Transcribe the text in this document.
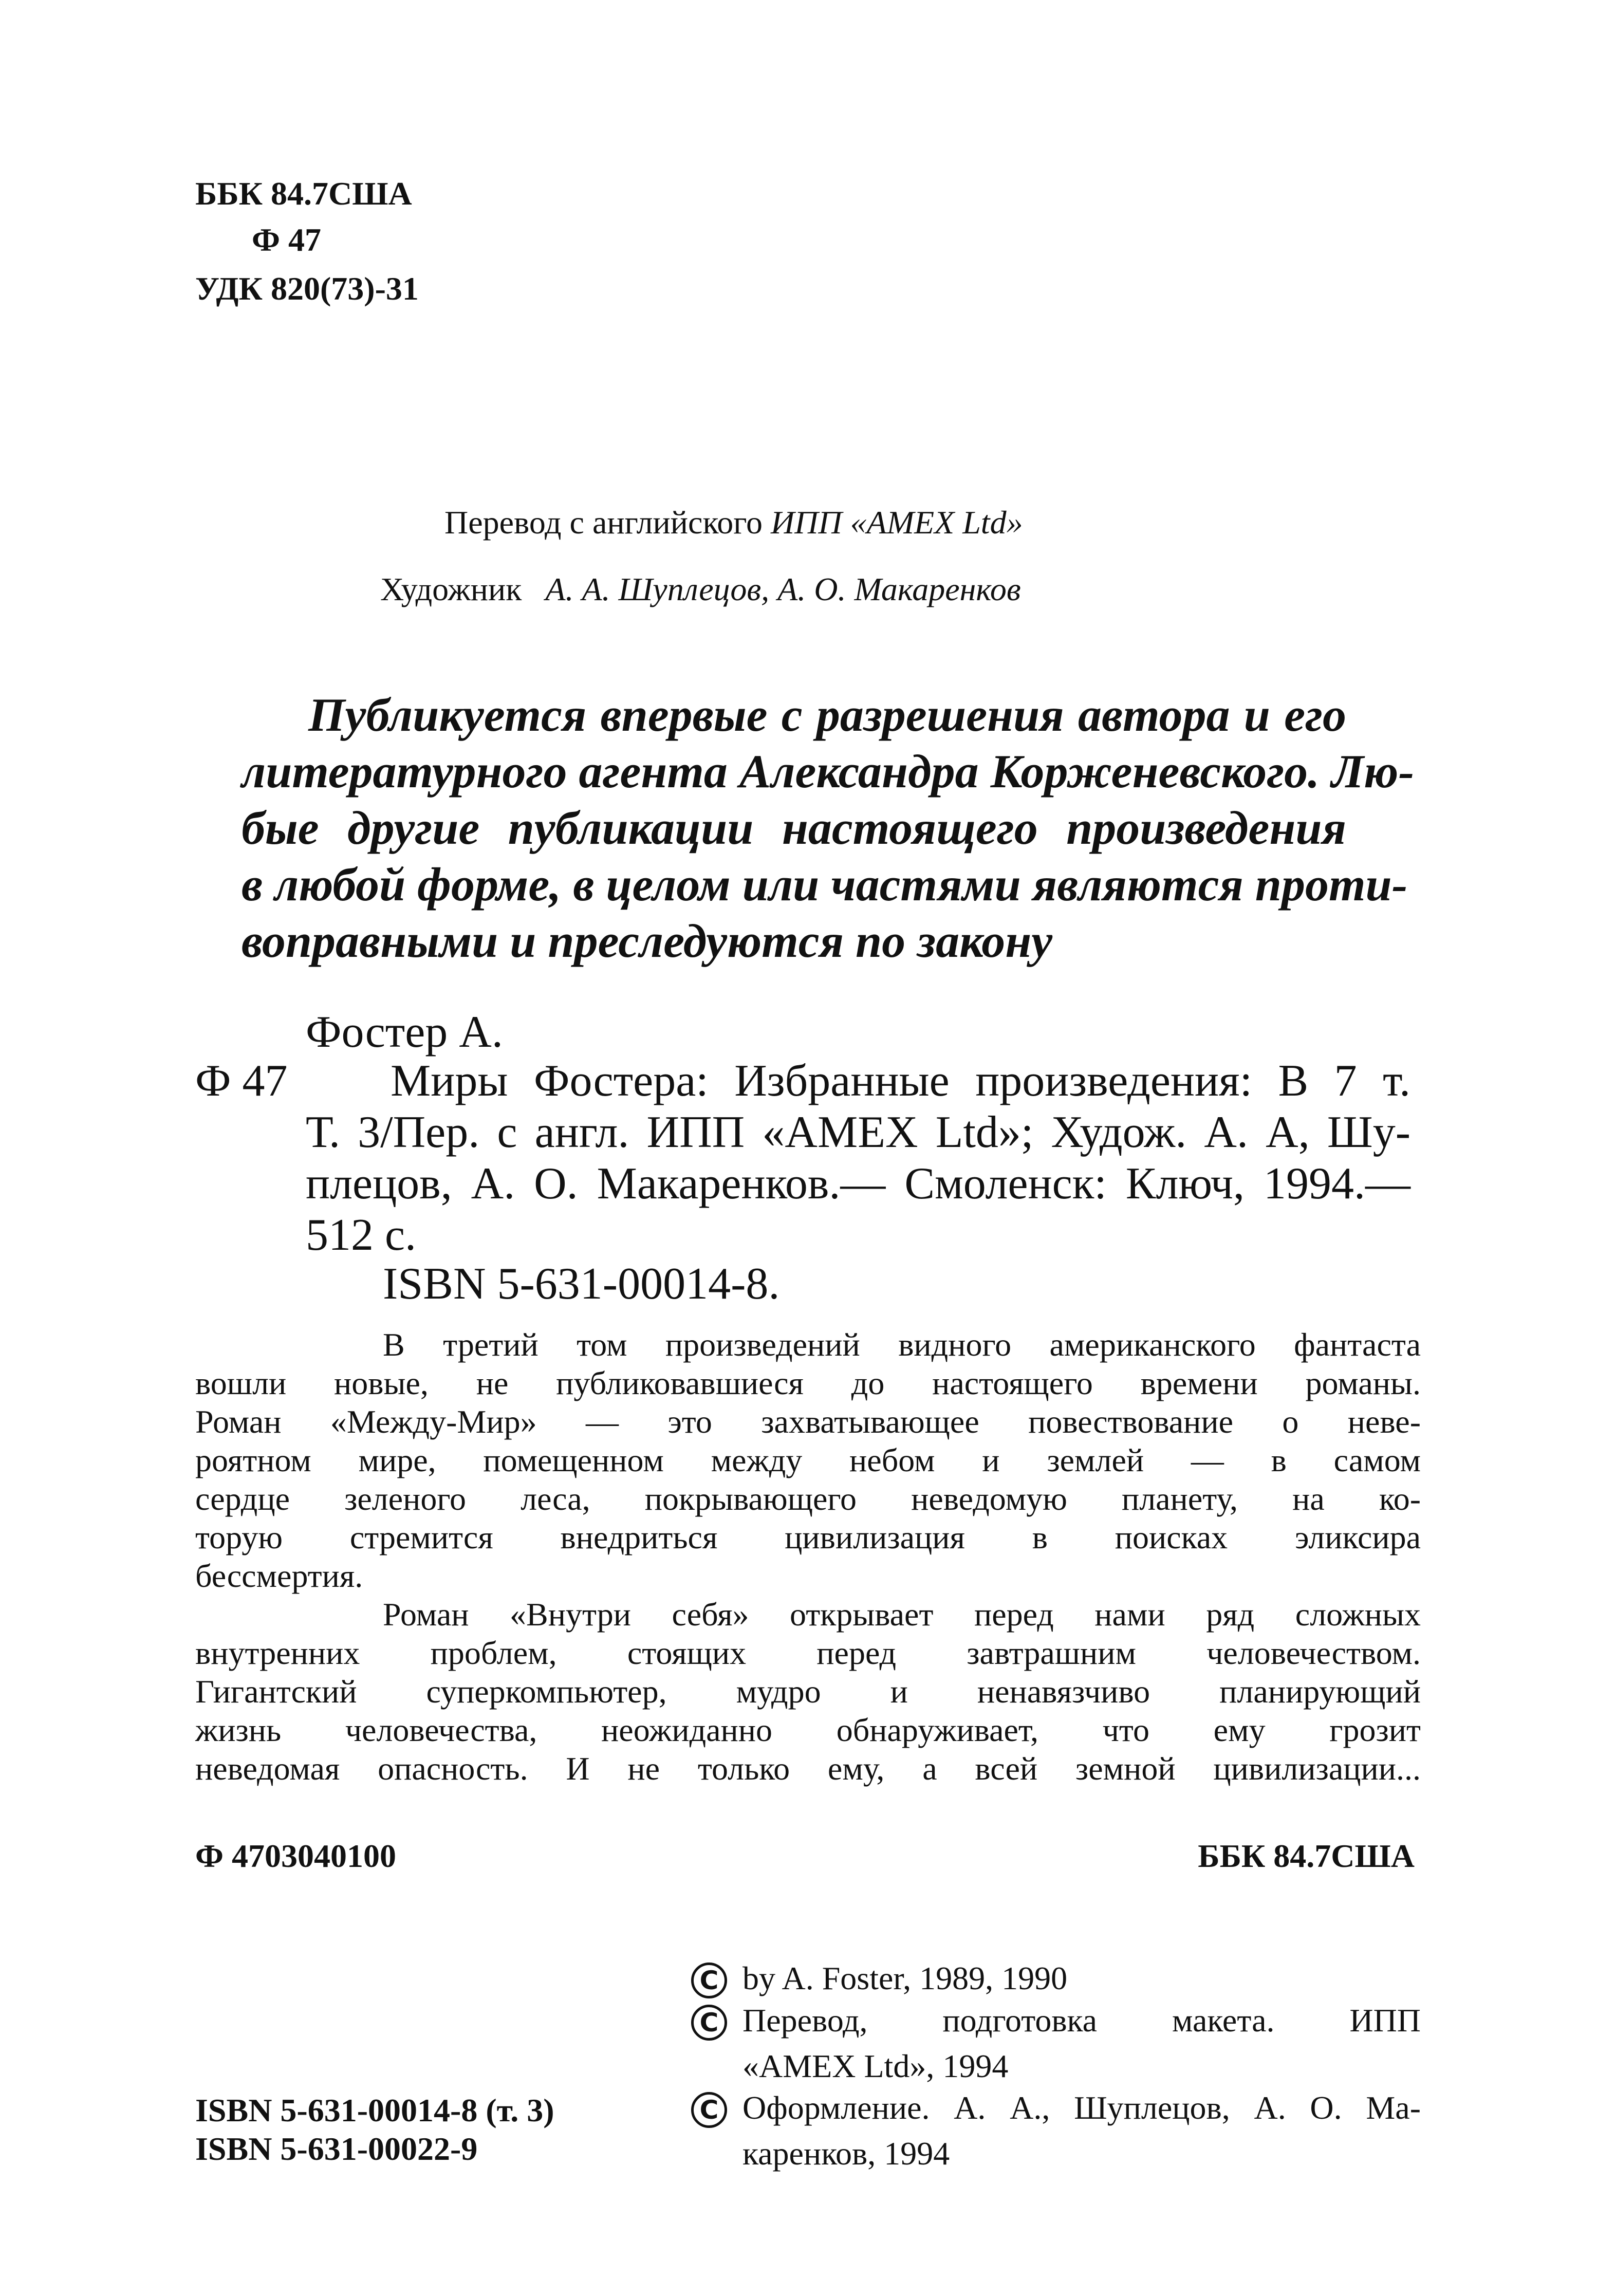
ББК 84.7США
Ф 47
УДК 820(73)-31
Перевод с английского ИПП «AMEX Ltd»
Художник А. А. Шуплецов, А. О. Макаренков
Публикуется впервые с разрешения автора и его
литературного агента Александра Корженевского. Лю-
бые другие публикации настоящего произведения
в любой форме, в целом или частями являются проти-
воправными и преследуются по закону
Фостер А.
Ф 47 Миры Фостера: Избранные произведения: В 7 т.
Т. 3/Пер. с англ. ИПП «AMEX Ltd»; Худож. А. А, Шу-
плецов, А. О. Макаренков.— Смоленск: Ключ, 1994.—
512 с.
ISBN 5-631-00014-8.
В третий том произведений видного американского фантаста
вошли новые, не публиковавшиеся до настоящего времени романы.
Роман «Между-Мир» — это захватывающее повествование о неве-
роятном мире, помещенном между небом и землей — в самом
сердце зеленого леса, покрывающего неведомую планету, на ко-
торую стремится внедриться цивилизация в поисках эликсира
бессмертия.
Роман «Внутри себя» открывает перед нами ряд сложных
внутренних проблем, стоящих перед завтрашним человечеством.
Гигантский суперкомпьютер, мудро и ненавязчиво планирующий
жизнь человечества, неожиданно обнаруживает, что ему грозит
неведомая опасность. И не только ему, а всей земной цивилизации...
Ф 4703040100	ББК 84.7США
C by A. Foster, 1989, 1990
C Перевод, подготовка макета. ИПП
«AMEX Ltd», 1994
C Оформление. А. А., Шуплецов, А. О. Ма-
каренков, 1994
ISBN 5-631-00014-8 (т. 3)
ISBN 5-631-00022-9
